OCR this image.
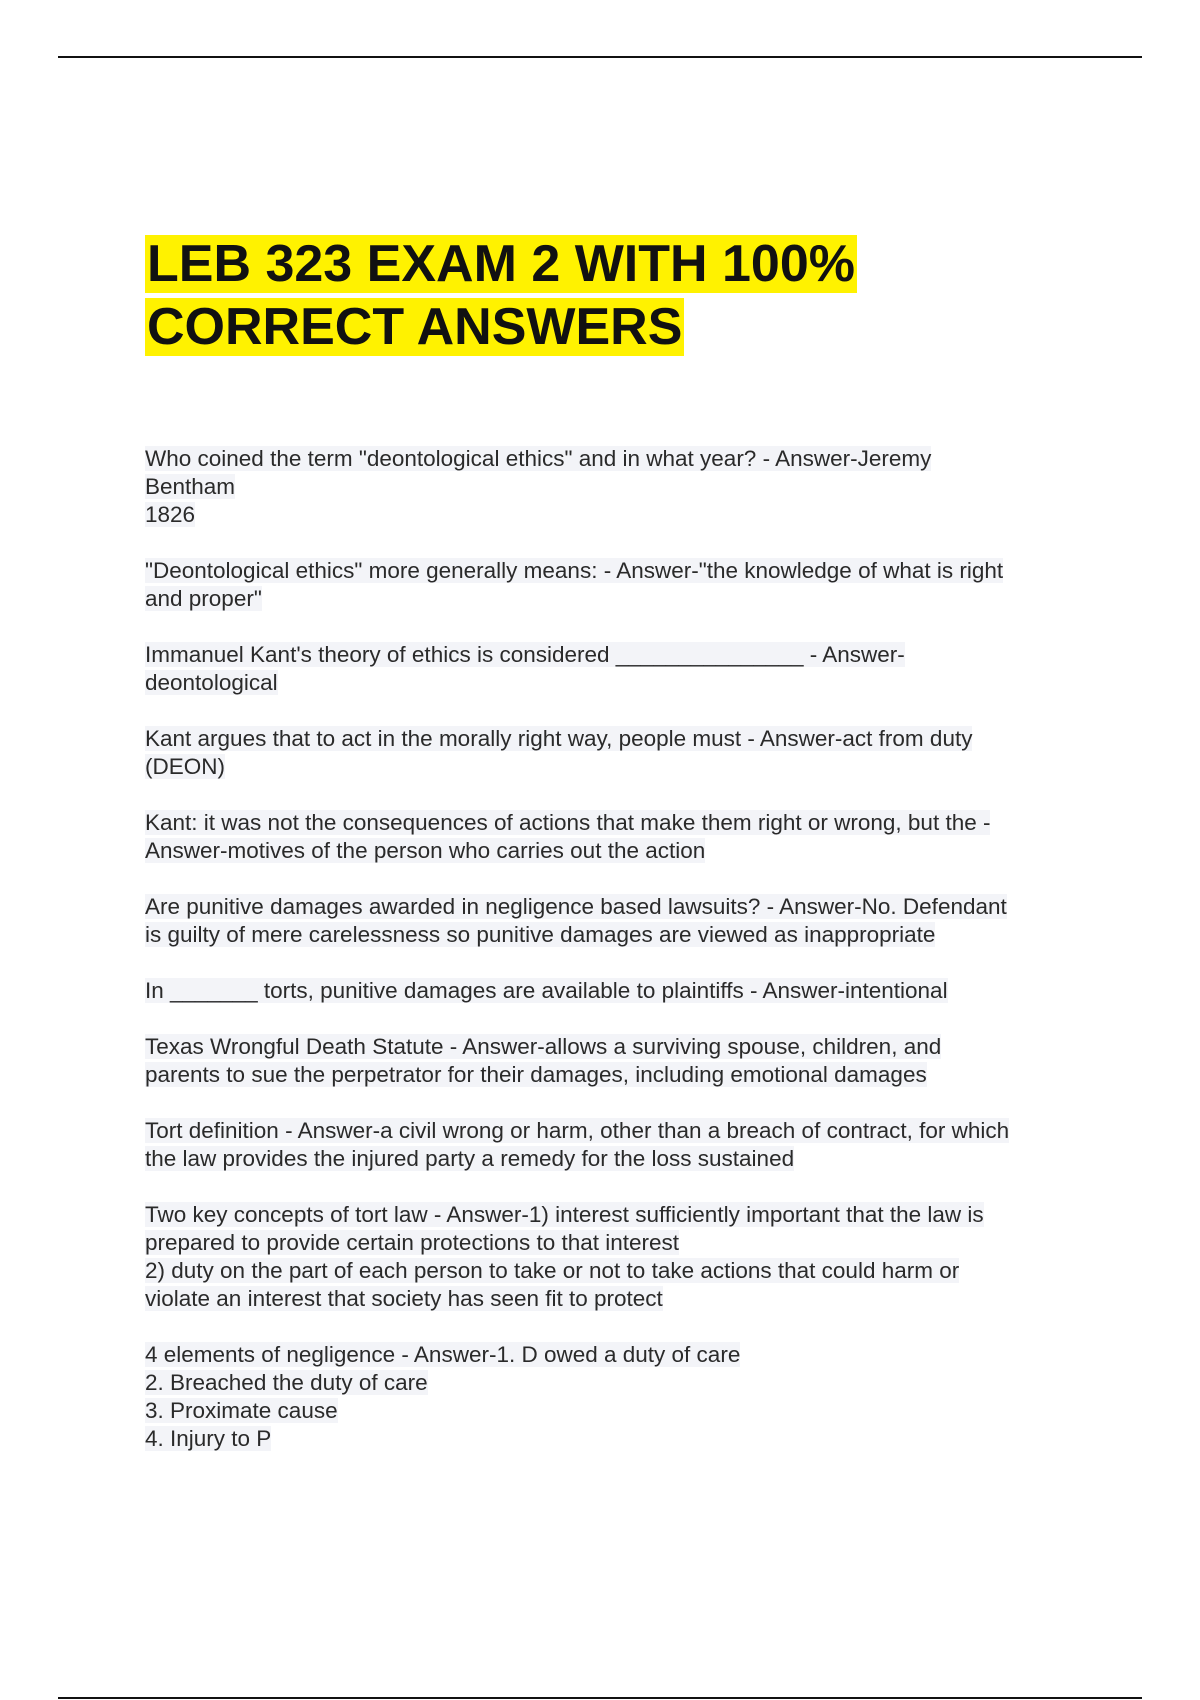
LEB 323 EXAM 2 WITH 100%
CORRECT ANSWERS

Who coined the term "deontological ethics" and in what year? - Answer-Jeremy
Bentham
1826

"Deontological ethics" more generally means: - Answer-"the knowledge of what is right
and proper"

Immanuel Kant's theory of ethics is considered _______________ - Answer-
deontological

Kant argues that to act in the morally right way, people must - Answer-act from duty
(DEON)

Kant: it was not the consequences of actions that make them right or wrong, but the -
Answer-motives of the person who carries out the action

Are punitive damages awarded in negligence based lawsuits? - Answer-No. Defendant
is guilty of mere carelessness so punitive damages are viewed as inappropriate

In _______ torts, punitive damages are available to plaintiffs - Answer-intentional

Texas Wrongful Death Statute - Answer-allows a surviving spouse, children, and
parents to sue the perpetrator for their damages, including emotional damages

Tort definition - Answer-a civil wrong or harm, other than a breach of contract, for which
the law provides the injured party a remedy for the loss sustained

Two key concepts of tort law - Answer-1) interest sufficiently important that the law is
prepared to provide certain protections to that interest
2) duty on the part of each person to take or not to take actions that could harm or
violate an interest that society has seen fit to protect

4 elements of negligence - Answer-1. D owed a duty of care
2. Breached the duty of care
3. Proximate cause
4. Injury to P
